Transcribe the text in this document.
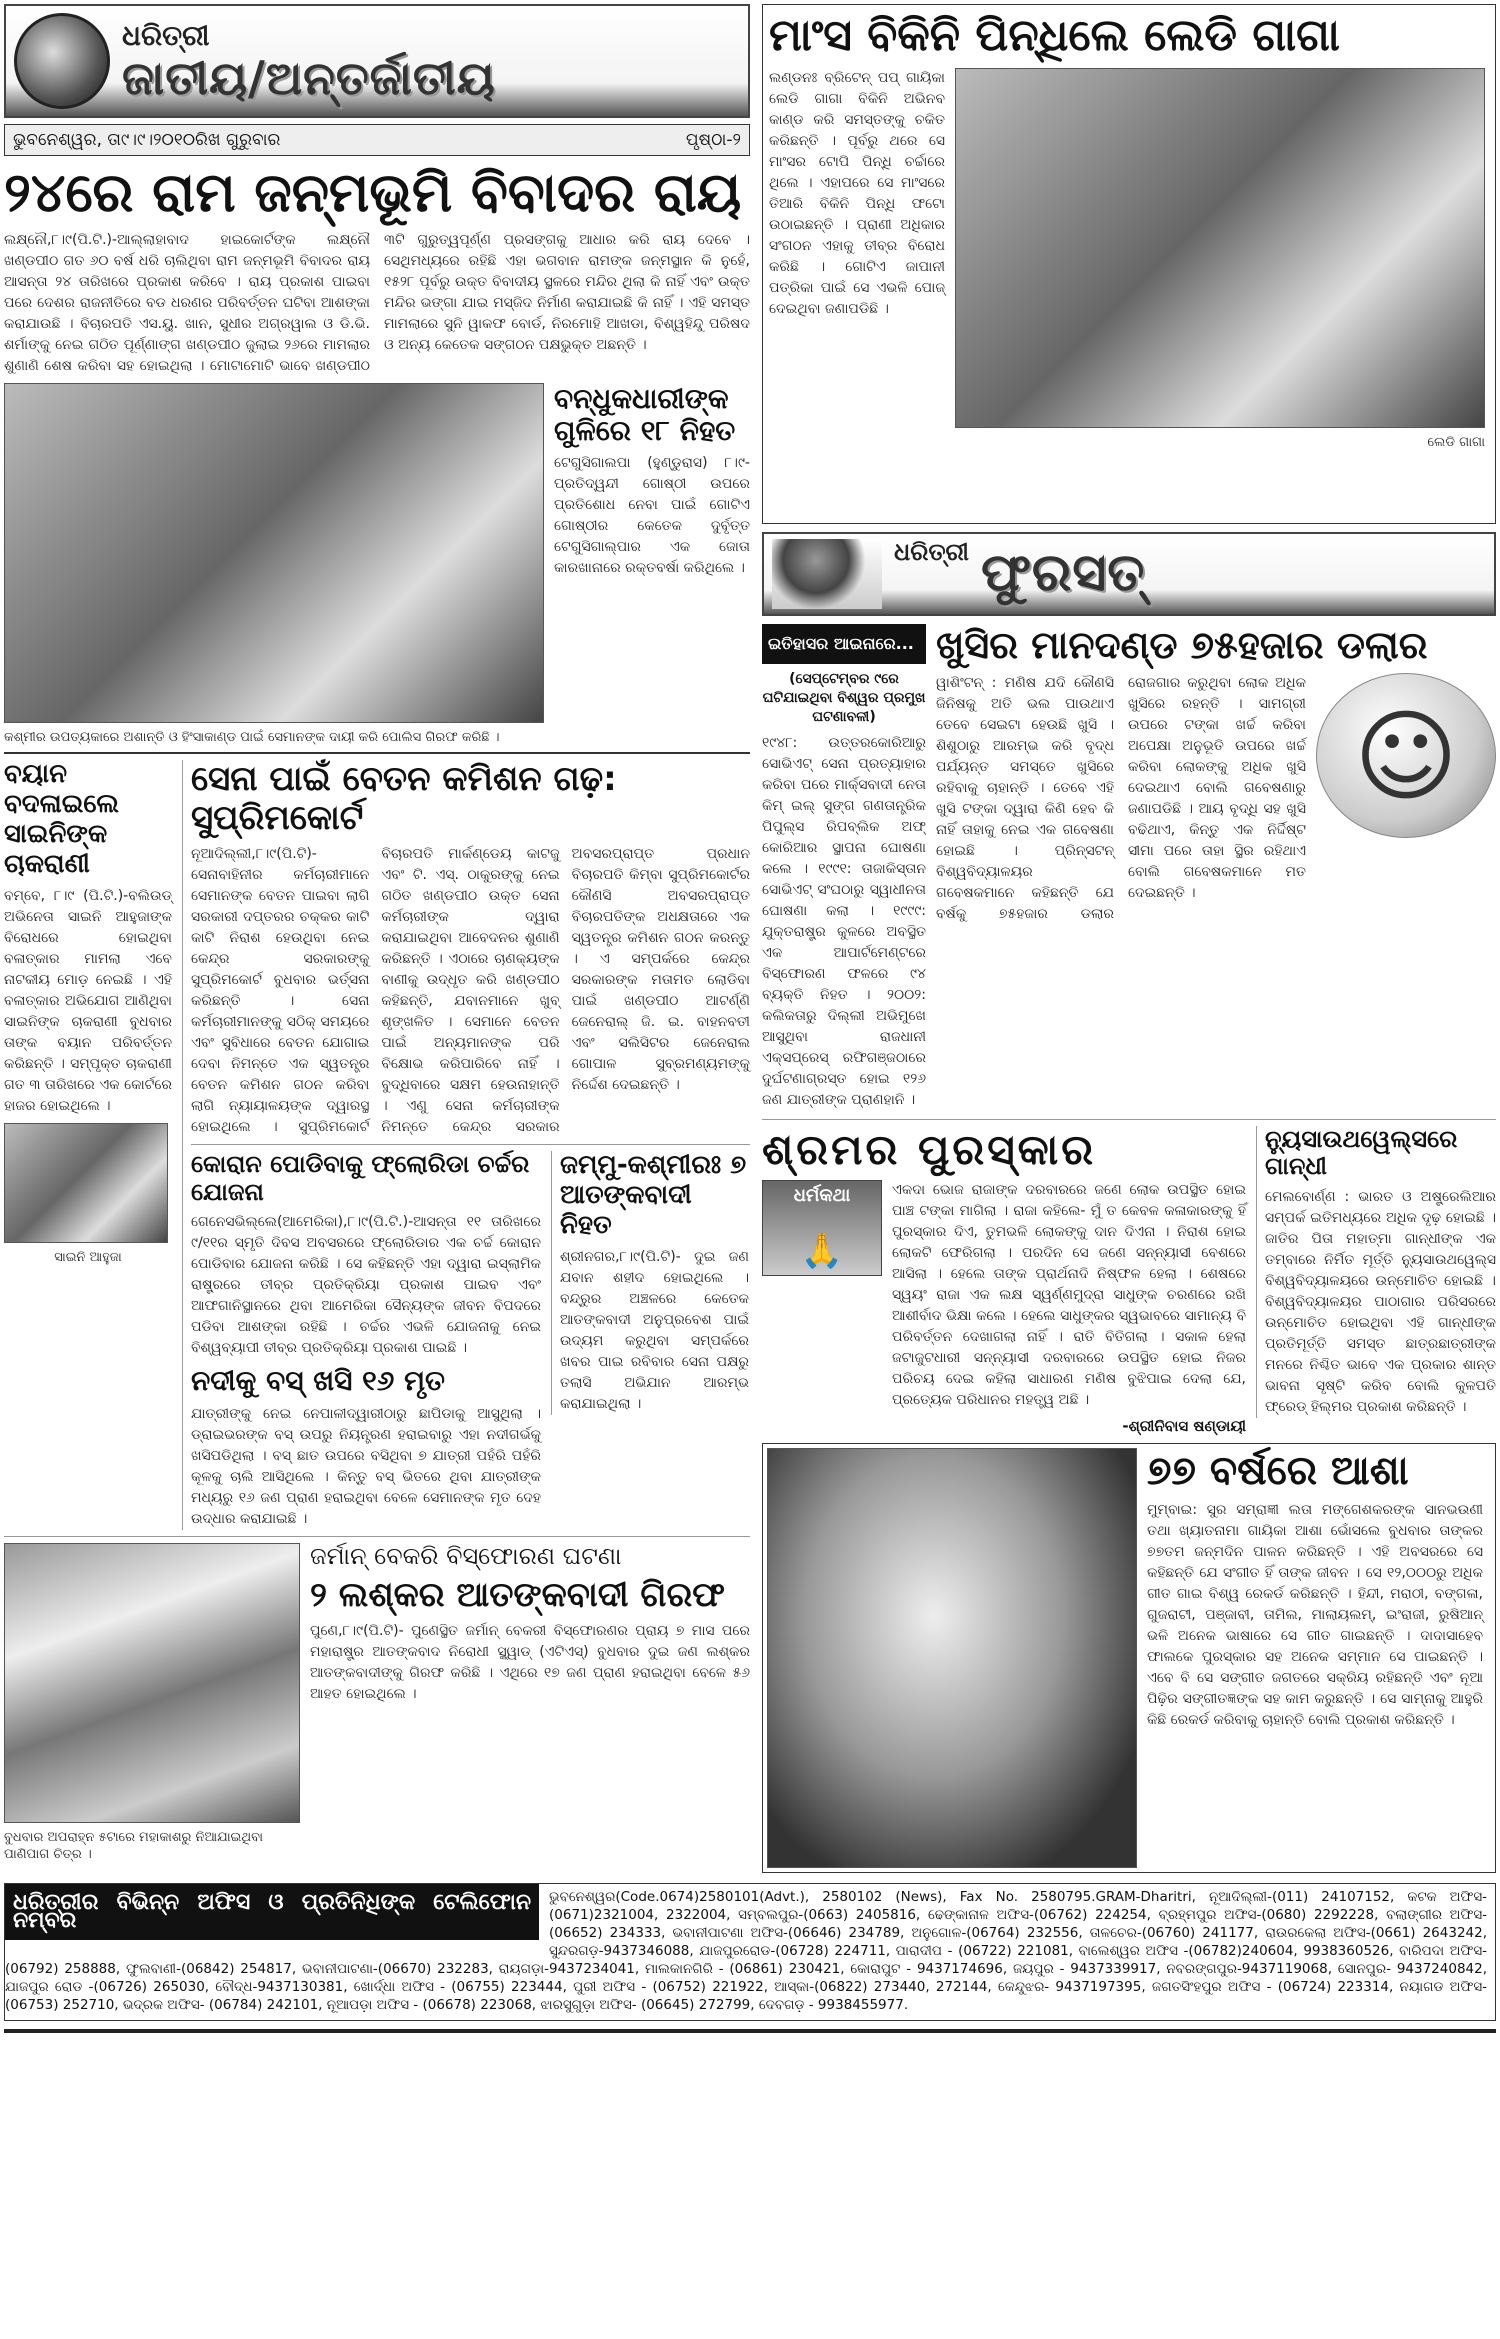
ଧରିତ୍ରୀ
ଜାତୀୟ/ଅନ୍ତର୍ଜାତୀୟ
ଭୁବନେଶ୍ୱର, ତା୯।୯।୨୦୧୦ରିଖ ଗୁରୁବାର	ପୃଷ୍ଠା-୨
୨୪ରେ ରାମ ଜନ୍ମଭୂମି ବିବାଦର ରାୟ
ଲକ୍ଷ୍ନୌ,୮।୯(ପି.ଟି.)-ଆଲ୍ଲାହାବାଦ ହାଇକୋର୍ଟଙ୍କ ଲକ୍ଷ୍ନୌ ଖଣ୍ଡପୀଠ ଗତ ୬୦ ବର୍ଷ ଧରି ଚାଲିଥିବା ରାମ ଜନ୍ମଭୂମି ବିବାଦର ରାୟ ଆସନ୍ତା ୨୪ ତାରିଖରେ ପ୍ରକାଶ କରିବେ । ରାୟ ପ୍ରକାଶ ପାଇବା ପରେ ଦେଶର ରାଜନୀତିରେ ବଡ ଧରଣର ପରିବର୍ତ୍ତନ ଘଟିବା ଆଶଙ୍କା କରାଯାଉଛି । ବିଚାରପତି ଏସ.ୟୁ. ଖାନ, ସୁଧୀର ଅଗ୍ରୱାଲ ଓ ଡି.ଭି. ଶର୍ମାଙ୍କୁ ନେଇ ଗଠିତ ପୂର୍ଣ୍ଣାଙ୍ଗ ଖଣ୍ଡପୀଠ ଜୁଲାଇ ୨୬ରେ ମାମଲାର ଶୁଣାଣି ଶେଷ କରିବା ସହ ହୋଇଥିଲା । ମୋଟାମୋଟି ଭାବେ ଖଣ୍ଡପୀଠ ୩ଟି ଗୁରୁତ୍ୱପୂର୍ଣ୍ଣ ପ୍ରସଙ୍ଗକୁ ଆଧାର କରି ରାୟ ଦେବେ । ସେଥିମଧ୍ୟରେ ରହିଛି ଏହା ଭଗବାନ ରାମଙ୍କ ଜନ୍ମସ୍ଥାନ କି ନୁହେଁ, ୧୫୨୮ ପୂର୍ବରୁ ଉକ୍ତ ବିବାଦୀୟ ସ୍ଥଳରେ ମନ୍ଦିର ଥିଲା କି ନାହିଁ ଏବଂ ଉକ୍ତ ମନ୍ଦିର ଭଙ୍ଗା ଯାଇ ମସ୍ଜିଦ ନିର୍ମାଣ କରାଯାଇଛି କି ନାହିଁ । ଏହି ସମସ୍ତ ମାମଲାରେ ସୁନି ୱାକଫ ବୋର୍ଡ, ନିରମୋହି ଆଖଡା, ବିଶ୍ୱହିନ୍ଦୁ ପରିଷଦ ଓ ଅନ୍ୟ କେତେକ ସଙ୍ଗଠନ ପକ୍ଷଭୁକ୍ତ ଅଛନ୍ତି ।
କଶ୍ମୀର ଉପତ୍ୟକାରେ ଅଶାନ୍ତି ଓ ହିଂସାକାଣ୍ଡ ପାଇଁ ସେମାନଙ୍କ ଦାୟୀ କରି ପୋଲିସ ଗିରଫ କରିଛି ।
ବନ୍ଧୁକଧାରୀଙ୍କ ଗୁଳିରେ ୧୮ ନିହତ
ଟେଗୁସିଗାଲପା (ହୁଣ୍ଡୁରାସ) ୮।୯- ପ୍ରତିଦ୍ୱନ୍ଦୀ ଗୋଷ୍ଠୀ ଉପରେ ପ୍ରତିଶୋଧ ନେବା ପାଇଁ ଗୋଟିଏ ଗୋଷ୍ଠୀର କେତେକ ଦୁର୍ବୃତ୍ତ ଟେଗୁସିଗାଲ୍ପାର ଏକ ଜୋତା କାରଖାନାରେ ରକ୍ତବର୍ଷା କରିଥିଲେ ।
ବୟାନ ବଦଳାଇଲେ ସାଇନିଙ୍କ ଚାକରାଣୀ
ବମ୍ବେ, ୮।୯ (ପି.ଟି.)-ବଲିଉଡ୍ ଅଭିନେତା ସାଇନି ଆହୁଜାଙ୍କ ବିରୋଧରେ ହୋଇଥିବା ବଳାତ୍କାର ମାମଲା ଏବେ ନାଟକୀୟ ମୋଡ଼ ନେଇଛି । ଏହି ବଳାତ୍କାର ଅଭିଯୋଗ ଆଣିଥିବା ସାଇନିଙ୍କ ଚାକରାଣୀ ବୁଧବାର ତାଙ୍କ ବୟାନ ପରିବର୍ତ୍ତନ କରିଛନ୍ତି । ସମ୍ପୃକ୍ତ ଚାକରାଣୀ ଗତ ୩ ତାରିଖରେ ଏକ କୋର୍ଟରେ ହାଜର ହୋଇଥିଲେ ।
ସାଇନି ଆହୁଜା
ସେନା ପାଇଁ ବେତନ କମିଶନ ଗଢ଼: ସୁପ୍ରିମକୋର୍ଟ
ନୂଆଦିଲ୍ଲୀ,୮।୯(ପି.ଟି)- ସେନାବାହିନୀର କର୍ମଚାରୀମାନେ ସେମାନଙ୍କ ବେତନ ପାଇବା ଲାଗି ସରକାରୀ ଦପ୍ତରର ଚକ୍କର କାଟି କାଟି ନିରାଶ ହେଉଥିବା ନେଇ କେନ୍ଦ୍ର ସରକାରଙ୍କୁ ସୁପ୍ରିମକୋର୍ଟ ବୁଧବାର ଭର୍ତ୍ସନା କରିଛନ୍ତି । ସେନା କର୍ମଚାରୀମାନଙ୍କୁ ସଠିକ୍ ସମୟରେ ଏବଂ ସୁବିଧାରେ ବେତନ ଯୋଗାଇ ଦେବା ନିମନ୍ତେ ଏକ ସ୍ୱତନ୍ତ୍ର ବେତନ କମିଶନ ଗଠନ କରିବା ଲାଗି ନ୍ୟାୟାଳୟଙ୍କ ଦ୍ୱାରସ୍ଥ ହୋଇଥିଲେ । ସୁପ୍ରିମକୋର୍ଟ ବିଚାରପତି ମାର୍କଣ୍ଡେୟ କାଟଜୁ ଏବଂ ଟି. ଏସ୍. ଠାକୁରଙ୍କୁ ନେଇ ଗଠିତ ଖଣ୍ଡପୀଠ ଉକ୍ତ ସେନା କର୍ମଚାରୀଙ୍କ ଦ୍ୱାରା କରାଯାଇଥିବା ଆବେଦନର ଶୁଣାଣି କରିଛନ୍ତି । ଏଠାରେ ଚାଣକ୍ୟଙ୍କ ବାଣୀକୁ ଉଦ୍ଧୃତ କରି ଖଣ୍ଡପୀଠ କହିଛନ୍ତି, ଯବାନମାନେ ଖୁବ୍ ଶୃଙ୍ଖଳିତ । ସେମାନେ ବେତନ ପାଇଁ ଅନ୍ୟମାନଙ୍କ ପରି ବିକ୍ଷୋଭ କରିପାରିବେ ନାହିଁ । ବୁଦ୍ଧିବାରେ ସକ୍ଷମ ହେଉନାହାନ୍ତି । ଏଣୁ ସେନା କର୍ମଚାରୀଙ୍କ ନିମନ୍ତେ କେନ୍ଦ୍ର ସରକାର ଅବସରପ୍ରାପ୍ତ ପ୍ରଧାନ ବିଚାରପତି କିମ୍ବା ସୁପ୍ରିମକୋର୍ଟର କୌଣସି ଅବସରପ୍ରାପ୍ତ ବିଚାରପତିଙ୍କ ଅଧକ୍ଷତାରେ ଏକ ସ୍ୱତନ୍ତ୍ର କମିଶନ ଗଠନ କରନ୍ତୁ । ଏ ସମ୍ପର୍କରେ କେନ୍ଦ୍ର ସରକାରଙ୍କ ମତାମତ ଲୋଡିବା ପାଇଁ ଖଣ୍ଡପୀଠ ଆଟର୍ଣ୍ଣି ଜେନେରାଲ୍ ଜି. ଇ. ବାହନବତୀ ଏବଂ ସଲିସିଟର ଜେନେରାଲ ଗୋପାଳ ସୁବ୍ରମଣ୍ୟମଙ୍କୁ ନିର୍ଦ୍ଦେଶ ଦେଇଛନ୍ତି ।
କୋରାନ ପୋଡିବାକୁ ଫ୍ଲୋରିଡା ଚର୍ଚ୍ଚର ଯୋଜନା
ଗେନେସଭିଲ୍ଲେ(ଆମେରିକା),୮।୯(ପି.ଟି.)-ଆସନ୍ତା ୧୧ ତାରିଖରେ ୯/୧୧ର ସ୍ମୃତି ଦିବସ ଅବସରରେ ଫ୍ଲୋରିଡାର ଏକ ଚର୍ଚ୍ଚ କୋରାନ ପୋଡିବାର ଯୋଜନା କରିଛି । ସେ କହିଛନ୍ତି ଏହା ଦ୍ୱାରା ଇସ୍ଲାମିକ ରାଷ୍ଟ୍ରରେ ତୀବ୍ର ପ୍ରତିକ୍ରିୟା ପ୍ରକାଶ ପାଇବ ଏବଂ ଆଫଗାନିସ୍ଥାନରେ ଥିବା ଆମେରିକା ସୈନ୍ୟଙ୍କ ଜୀବନ ବିପଦରେ ପଡିବା ଆଶଙ୍କା ରହିଛି । ଚର୍ଚ୍ଚର ଏଭଳି ଯୋଜନାକୁ ନେଇ ବିଶ୍ୱବ୍ୟାପୀ ତୀବ୍ର ପ୍ରତିକ୍ରିୟା ପ୍ରକାଶ ପାଇଛି ।
ନଦୀକୁ ବସ୍ ଖସି ୧୬ ମୃତ
ଯାତ୍ରୀଙ୍କୁ ନେଇ ନେପାଳୀଦ୍ୱାରୀଠାରୁ ଛାପିଡାକୁ ଆସୁଥିଲା । ଡ୍ରାଇଭରଙ୍କ ବସ୍ ଉପରୁ ନିୟନ୍ତ୍ରଣ ହରାଇବାରୁ ଏହା ନଦୀଗର୍ଭକୁ ଖସିପଡିଥିଲା । ବସ୍ ଛାତ ଉପରେ ବସିଥିବା ୭ ଯାତ୍ରୀ ପହଁରି ପହଁରି କୂଳକୁ ଚାଲି ଆସିଥିଲେ । କିନ୍ତୁ ବସ୍ ଭିତରେ ଥିବା ଯାତ୍ରୀଙ୍କ ମଧ୍ୟରୁ ୧୬ ଜଣ ପ୍ରାଣ ହରାଇଥିବା ବେଳେ ସେମାନଙ୍କ ମୃତ ଦେହ ଉଦ୍ଧାର କରାଯାଇଛି ।
ଜମ୍ମୁ-କଶ୍ମୀରଃ ୭ ଆତଙ୍କବାଦୀ ନିହତ
ଶ୍ରୀନଗର,୮।୯(ପି.ଟି)- ଦୁଇ ଜଣ ଯବାନ ଶହୀଦ ହୋଇଥିଲେ । ବନ୍ଦ୍ରୁର ଅଞ୍ଚଳରେ କେତେକ ଆତଙ୍କବାଦୀ ଅନୁପ୍ରବେଶ ପାଇଁ ଉଦ୍ୟମ କରୁଥିବା ସମ୍ପର୍କରେ ଖବର ପାଇ ରବିବାର ସେନା ପକ୍ଷରୁ ତଲାସି ଅଭିଯାନ ଆରମ୍ଭ କରାଯାଇଥିଲା ।
ବୁଧବାର ଅପରାହ୍ନ ୫ଟାରେ ମହାକାଶରୁ ନିଆଯାଇଥିବା ପାଣିପାଗ ଚିତ୍ର ।
ଜର୍ମାନ୍ ବେକରି ବିସ୍ଫୋରଣ ଘଟଣା
୨ ଲଶ୍କର ଆତଙ୍କବାଦୀ ଗିରଫ
ପୁଣେ,୮।୯(ପି.ଟି)- ପୁଣେସ୍ଥିତ ଜର୍ମାନ୍ ବେକରୀ ବିସ୍ଫୋରଣର ପ୍ରାୟ ୭ ମାସ ପରେ ମହାରାଷ୍ଟ୍ର ଆତଙ୍କବାଦ ନିରୋଧୀ ସ୍କ୍ୱାଡ୍ (ଏଟିଏସ୍) ବୁଧବାର ଦୁଇ ଜଣ ଲଶ୍କର ଆତଙ୍କବାଦୀଙ୍କୁ ଗିରଫ କରିଛି । ଏଥିରେ ୧୭ ଜଣ ପ୍ରାଣ ହରାଇଥିବା ବେଳେ ୫୬ ଆହତ ହୋଇଥିଲେ ।
ମାଂସ ବିକିନି ପିନ୍ଧିଲେ ଲେଡି ଗାଗା
ଲଣ୍ଡନଃ ବ୍ରିଟେନ୍ ପପ୍ ଗାୟିକା ଲେଡି ଗାଗା ବିକିନି ଅଭିନବ କାଣ୍ଡ କରି ସମସ୍ତଙ୍କୁ ଚକିତ କରିଛନ୍ତି । ପୂର୍ବରୁ ଥରେ ସେ ମାଂସର ଟୋପି ପିନ୍ଧି ଚର୍ଚ୍ଚାରେ ଥିଲେ । ଏହାପରେ ସେ ମାଂସରେ ତିଆରି ବିକିନି ପିନ୍ଧି ଫଟୋ ଉଠାଇଛନ୍ତି । ପ୍ରାଣୀ ଅଧିକାର ସଂଗଠନ ଏହାକୁ ତୀବ୍ର ବିରୋଧ କରିଛି । ଗୋଟିଏ ଜାପାନୀ ପତ୍ରିକା ପାଇଁ ସେ ଏଭଳି ପୋଜ୍ ଦେଇଥିବା ଜଣାପଡିଛି ।
ଲେଡି ଗାଗା
ଧରିତ୍ରୀ ଫୁରସତ୍
ଇତିହାସର ଆଇନାରେ...
(ସେପ୍ଟେମ୍ବର ୯ରେ ଘଟିଯାଇଥିବା ବିଶ୍ୱର ପ୍ରମୁଖ ଘଟଣାବଳୀ)
୧୯୪୮: ଉତ୍ତରକୋରିଆରୁ ସୋଭିଏଟ୍ ସେନା ପ୍ରତ୍ୟାହାର କରିବା ପରେ ମାର୍କ୍ସବାଦୀ ନେତା କିମ୍ ଇଲ୍ ସୁଙ୍ଗ ଗଣତାନ୍ତ୍ରିକ ପିପୁଲ୍ସ ରିପବ୍ଲିକ ଅଫ୍ କୋରିଆର ସ୍ଥାପନା ଘୋଷଣା କଲେ । ୧୯୯୧: ତାଜାକିସ୍ତାନ ସୋଭିଏଟ୍ ସଂଘଠାରୁ ସ୍ୱାଧୀନତା ଘୋଷଣା କଲା । ୧୯୯୯: ଯୁକ୍ତରାଷ୍ଟ୍ର କୁଳରେ ଅବସ୍ଥିତ ଏକ ଆପାର୍ଟମେଣ୍ଟରେ ବିସ୍ଫୋରଣ ଫଳରେ ୯୪ ବ୍ୟକ୍ତି ନିହତ । ୨୦୦୨: କଲିକତାରୁ ଦିଲ୍ଲୀ ଅଭିମୁଖେ ଆସୁଥିବା ରାଜଧାନୀ ଏକ୍ସପ୍ରେସ୍ ରଫିଗଞ୍ଜଠାରେ ଦୁର୍ଘଟଣାଗ୍ରସ୍ତ ହୋଇ ୧୨୬ ଜଣ ଯାତ୍ରୀଙ୍କ ପ୍ରାଣହାନି ।
ଖୁସିର ମାନଦଣ୍ଡ ୭୫ହଜାର ଡଲାର
ୱାଶିଂଟନ୍ : ମଣିଷ ଯଦି କୌଣସି ଜିନିଷକୁ ଅତି ଭଲ ପାଉଥାଏ ତେବେ ସେଇଟା ହେଉଛି ଖୁସି । ଶିଶୁଠାରୁ ଆରମ୍ଭ କରି ବୃଦ୍ଧ ପର୍ଯ୍ୟନ୍ତ ସମସ୍ତେ ଖୁସିରେ ରହିବାକୁ ଚାହାନ୍ତି । ତେବେ ଏହି ଖୁସି ଟଙ୍କା ଦ୍ୱାରା କିଣି ହେବ କି ନାହିଁ ତାହାକୁ ନେଇ ଏକ ଗବେଷଣା ହୋଇଛି । ପ୍ରିନ୍ସଟନ୍ ବିଶ୍ୱବିଦ୍ୟାଳୟର ଗବେଷକମାନେ କହିଛନ୍ତି ଯେ ବର୍ଷକୁ ୭୫ହଜାର ଡଲାର ରୋଜଗାର କରୁଥିବା ଲୋକ ଅଧିକ ଖୁସିରେ ରହନ୍ତି । ସାମଗ୍ରୀ ଉପରେ ଟଙ୍କା ଖର୍ଚ୍ଚ କରିବା ଅପେକ୍ଷା ଅନୁଭୂତି ଉପରେ ଖର୍ଚ୍ଚ କରିବା ଲୋକଙ୍କୁ ଅଧିକ ଖୁସି ଦେଇଥାଏ ବୋଲି ଗବେଷଣାରୁ ଜଣାପଡିଛି । ଆୟ ବୃଦ୍ଧି ସହ ଖୁସି ବଢିଥାଏ, କିନ୍ତୁ ଏକ ନିର୍ଦ୍ଦିଷ୍ଟ ସୀମା ପରେ ତାହା ସ୍ଥିର ରହିଥାଏ ବୋଲି ଗବେଷକମାନେ ମତ ଦେଇଛନ୍ତି ।
☺
ଶ୍ରମର ପୁରସ୍କାର
ଧର୍ମକଥା
🙏
ଏକଦା ଭୋଜ ରାଜାଙ୍କ ଦରବାରରେ ଜଣେ ଲୋକ ଉପସ୍ଥିତ ହୋଇ ପାଞ୍ଚ ଟଙ୍କା ମାଗିଲା । ରାଜା କହିଲେ- ମୁଁ ତ କେବଳ କଳାକାରଙ୍କୁ ହିଁ ପୁରସ୍କାର ଦିଏ, ତୁମଭଳି ଲୋକଙ୍କୁ ଦାନ ଦିଏନା । ନିରାଶ ହୋଇ ଲୋକଟି ଫେରିଗଲା । ପରଦିନ ସେ ଜଣେ ସନ୍ନ୍ୟାସୀ ବେଶରେ ଆସିଲା । ହେଲେ ତାଙ୍କ ପ୍ରାର୍ଥନାଦି ନିଷ୍ଫଳ ହେଲା । ଶେଷରେ ସ୍ୱୟଂ ରାଜା ଏକ ଲକ୍ଷ ସ୍ୱର୍ଣ୍ଣମୁଦ୍ରା ସାଧୁଙ୍କ ଚରଣରେ ରଖି ଆଶୀର୍ବାଦ ଭିକ୍ଷା କଲେ । ହେଲେ ସାଧୁଙ୍କର ସ୍ୱଭାବରେ ସାମାନ୍ୟ ବି ପରିବର୍ତ୍ତନ ଦେଖାଗଲା ନାହିଁ । ରାତି ବିତିଗଲା । ସକାଳ ହେଲା ଜଟାଜୁଟଧାରୀ ସନ୍ନ୍ୟାସୀ ଦରବାରରେ ଉପସ୍ଥିତ ହୋଇ ନିଜର ପରିଚୟ ଦେଇ କହିଲା ସାଧାରଣ ମଣିଷ ବୁଝିପାଇ ଦେଲା ଯେ, ପ୍ରତ୍ୟେକ ପରିଧାନର ମହତ୍ତ୍ୱ ଅଛି ।
-ଶ୍ରୀନିବାସ ଷଣ୍ଡାୟୀ
ନ୍ୟୁସାଉଥୱେଲ୍ସରେ ଗାନ୍ଧୀ
ମେଲବୋର୍ଣ୍ଣ : ଭାରତ ଓ ଅଷ୍ଟ୍ରେଲିଆର ସମ୍ପର୍କ ଇତିମଧ୍ୟରେ ଅଧିକ ଦୃଢ଼ ହୋଇଛି । ଜାତିର ପିତା ମହାତ୍ମା ଗାନ୍ଧୀଙ୍କ ଏକ ତମ୍ବାରେ ନିର୍ମିତ ମୂର୍ତ୍ତି ନ୍ୟୁସାଉଥୱେଲ୍ସ ବିଶ୍ୱବିଦ୍ୟାଳୟରେ ଉନ୍ମୋଚିତ ହୋଇଛି । ବିଶ୍ୱବିଦ୍ୟାଳୟର ପାଠାଗାର ପରିସରରେ ଉନ୍ମୋଚିତ ହୋଇଥିବା ଏହି ଗାନ୍ଧୀଙ୍କ ପ୍ରତିମୂର୍ତ୍ତି ସମସ୍ତ ଛାତ୍ରଛାତ୍ରୀଙ୍କ ମନରେ ନିଶ୍ଚିତ ଭାବେ ଏକ ପ୍ରକାର ଶାନ୍ତ ଭାବନା ସୃଷ୍ଟି କରିବ ବୋଲି କୁଳପତି ଫ୍ରେଡ୍ ହିଲ୍ମର ପ୍ରକାଶ କରିଛନ୍ତି ।
୭୭ ବର୍ଷରେ ଆଶା
ମୁମ୍ବାଇ: ସୁର ସମ୍ରାଜ୍ଞୀ ଲତା ମଙ୍ଗେଶକରଙ୍କ ସାନଭଉଣୀ ତଥା ଖ୍ୟାତନାମା ଗାୟିକା ଆଶା ଭୋଁସଲେ ବୁଧବାର ତାଙ୍କର ୭୭ତମ ଜନ୍ମଦିନ ପାଳନ କରିଛନ୍ତି । ଏହି ଅବସରରେ ସେ କହିଛନ୍ତି ଯେ ସଂଗୀତ ହିଁ ତାଙ୍କ ଜୀବନ । ସେ ୧୨,୦୦୦ରୁ ଅଧିକ ଗୀତ ଗାଇ ବିଶ୍ୱ ରେକର୍ଡ କରିଛନ୍ତି । ହିନ୍ଦୀ, ମରାଠୀ, ବଙ୍ଗଳା, ଗୁଜରାଟୀ, ପଞ୍ଜାବୀ, ତାମିଲ, ମାଲାୟଲମ୍, ଇଂରାଜୀ, ରୁଷିଆନ୍ ଭଳି ଅନେକ ଭାଷାରେ ସେ ଗୀତ ଗାଇଛନ୍ତି । ଦାଦାସାହେବ ଫାଲକେ ପୁରସ୍କାର ସହ ଅନେକ ସମ୍ମାନ ସେ ପାଇଛନ୍ତି । ଏବେ ବି ସେ ସଙ୍ଗୀତ ଜଗତରେ ସକ୍ରିୟ ରହିଛନ୍ତି ଏବଂ ନୂଆ ପିଢ଼ିର ସଙ୍ଗୀତଜ୍ଞଙ୍କ ସହ କାମ କରୁଛନ୍ତି । ସେ ସାମ୍ନାକୁ ଆହୁରି କିଛି ରେକର୍ଡ କରିବାକୁ ଚାହାନ୍ତି ବୋଲି ପ୍ରକାଶ କରିଛନ୍ତି ।
ଧରିତ୍ରୀର ବିଭିନ୍ନ ଅଫିସ ଓ ପ୍ରତିନିଧିଙ୍କ ଟେଲିଫୋନ ନମ୍ବର
ଭୁବନେଶ୍ୱର(Code.0674)2580101(Advt.), 2580102 (News), Fax No. 2580795.GRAM-Dharitri, ନୂଆଦିଲ୍ଲୀ-(011) 24107152, କଟକ ଅଫିସ-(0671)2321004, 2322004, ସମ୍ବଲପୁର-(0663) 2405816, ଢେଙ୍କାନାଳ ଅଫିସ-(06762) 224254, ବ୍ରହ୍ମପୁର ଅଫିସ-(0680) 2292228, ବଲାଙ୍ଗୀର ଅଫିସ-(06652) 234333, ଭବାନୀପାଟଣା ଅଫିସ-(06646) 234789, ଅନୁଗୋଳ-(06764) 232556, ତାଳଚେର-(06760) 241177, ରାଉରକେଲା ଅଫିସ-(0661) 2643242, ସୁନ୍ଦରଗଡ଼-9437346088, ଯାଜପୁରରୋଡ-(06728) 224711, ପାରାଦୀପ - (06722) 221081, ବାଲେଶ୍ୱର ଅଫିସ -(06782)240604, 9938360526, ବାରିପଦା ଅଫିସ- (06792) 258888, ଫୁଲବାଣୀ-(06842) 254817, ଭବାନୀପାଟଣା-(06670) 232283, ରାୟଗଡ଼ା-9437234041, ମାଲକାନଗିରି - (06861) 230421, କୋରାପୁଟ - 9437174696, ଜୟପୁର - 9437339917, ନବରଙ୍ଗପୁର-9437119068, ସୋନପୁର- 9437240842, ଯାଜପୁର ରୋଡ -(06726) 265030, ବୌଦ୍ଧ-9437130381, ଖୋର୍ଦ୍ଧା ଅଫିସ - (06755) 223444, ପୁରୀ ଅଫିସ - (06752) 221922, ଆସ୍କା-(06822) 273440, 272144, କେନ୍ଦୁଝର- 9437197395, ଜଗତସିଂହପୁର ଅଫିସ - (06724) 223314, ନୟାଗଡ ଅଫିସ- (06753) 252710, ଭଦ୍ରକ ଅଫିସ- (06784) 242101, ନୂଆପଡ଼ା ଅଫିସ - (06678) 223068, ଝାରସୁଗୁଡ଼ା ଅଫିସ- (06645) 272799, ଦେବଗଡ଼ - 9938455977.
